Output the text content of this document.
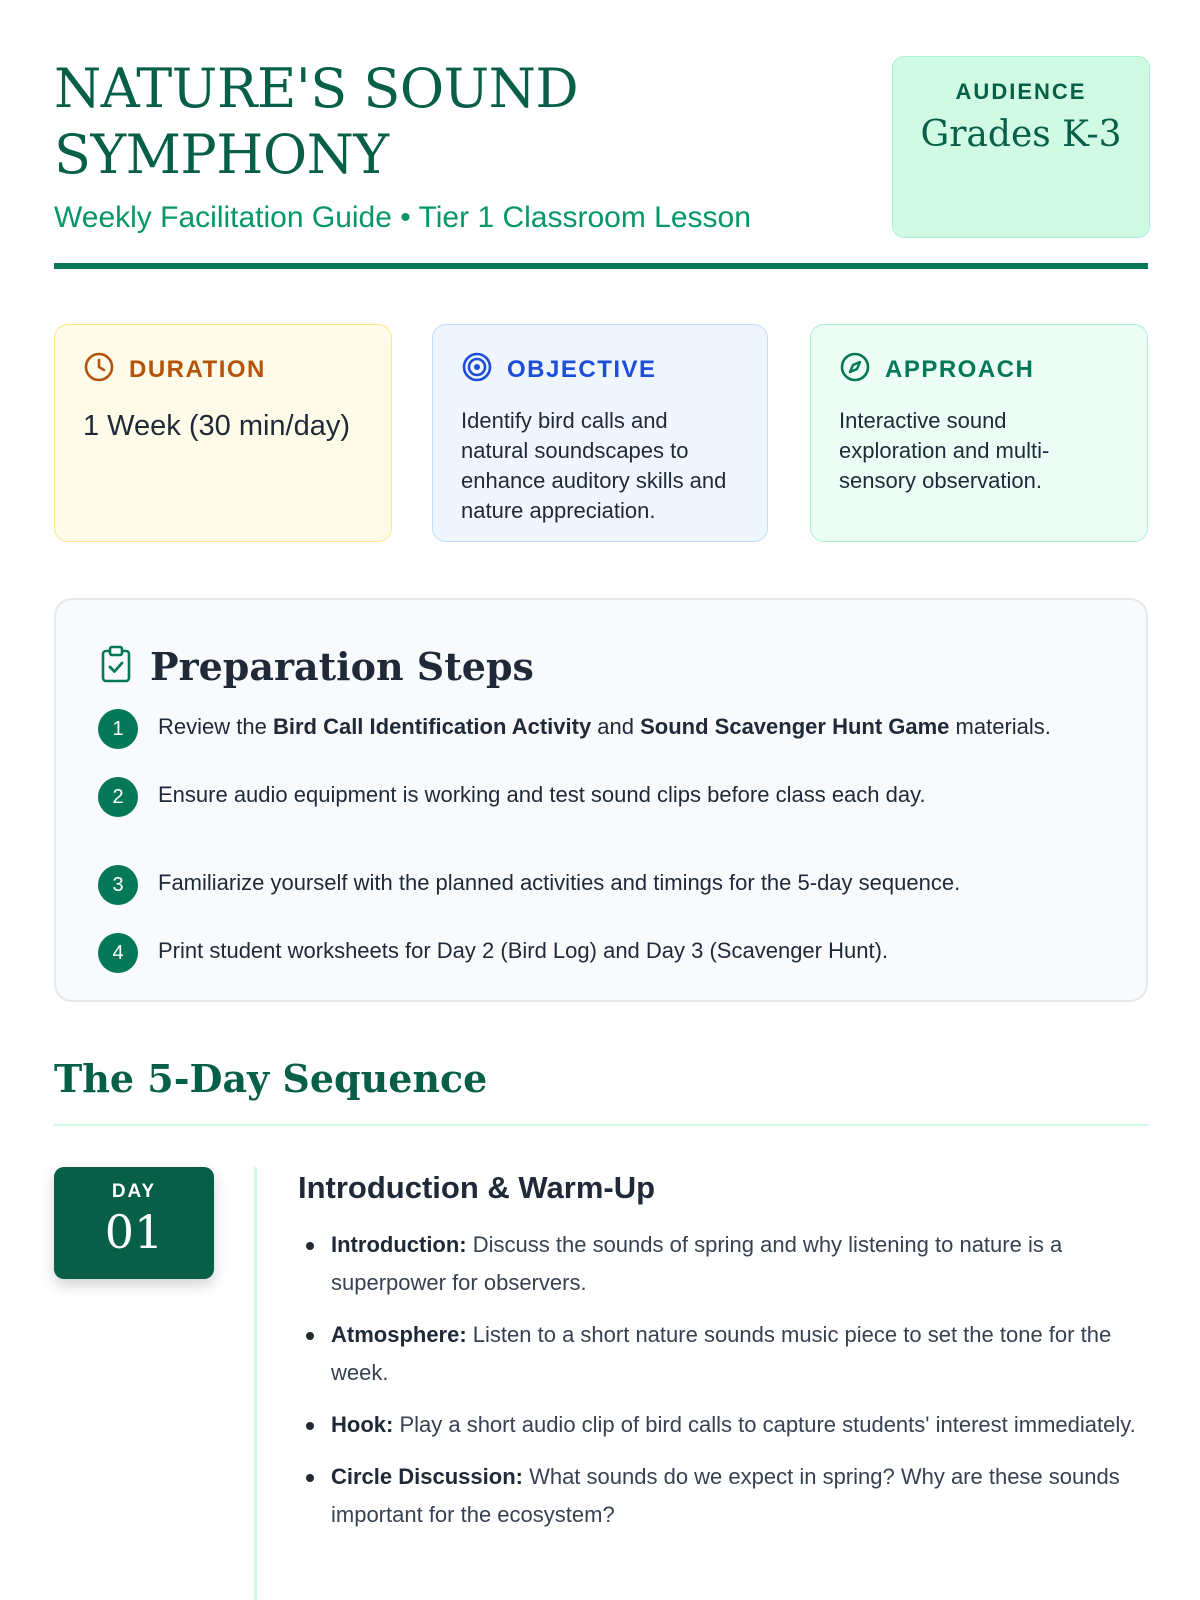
NATURE'S SOUND SYMPHONY
Weekly Facilitation Guide • Tier 1 Classroom Lesson
AUDIENCE
Grades K-3
DURATION
1 Week (30 min/day)
OBJECTIVE
Identify bird calls and natural soundscapes to enhance auditory skills and nature appreciation.
APPROACH
Interactive sound exploration and multi-sensory observation.
Preparation Steps
1	Review the Bird Call Identification Activity and Sound Scavenger Hunt Game materials.
2	Ensure audio equipment is working and test sound clips before class each day.
3	Familiarize yourself with the planned activities and timings for the 5-day sequence.
4	Print student worksheets for Day 2 (Bird Log) and Day 3 (Scavenger Hunt).
The 5-Day Sequence
DAY
01
Introduction & Warm-Up
Introduction: Discuss the sounds of spring and why listening to nature is a superpower for observers.
Atmosphere: Listen to a short nature sounds music piece to set the tone for the week.
Hook: Play a short audio clip of bird calls to capture students' interest immediately.
Circle Discussion: What sounds do we expect in spring? Why are these sounds important for the ecosystem?
